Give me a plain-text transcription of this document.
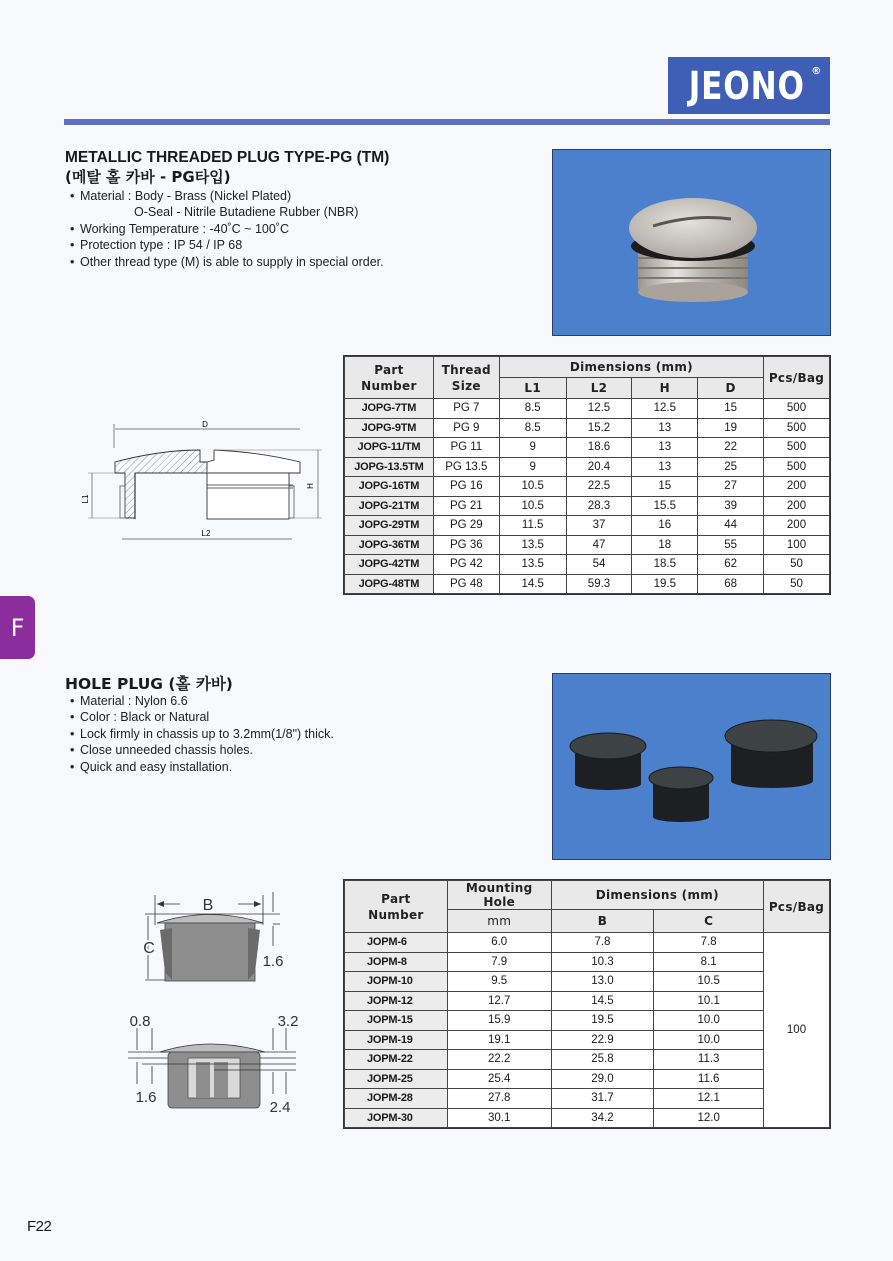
JEONO ®
METALLIC THREADED PLUG TYPE-PG (TM)
(메탈 홀 카바 - PG타입)
• Material : Body - Brass (Nickel Plated)
O-Seal - Nitrile Butadiene Rubber (NBR)
• Working Temperature : -40˚C ~ 100˚C
• Protection type : IP 54 / IP 68
• Other thread type (M) is able to supply in special order.
D
L1
H
L2
Part
Number	Thread
Size	Dimensions (mm)				Pcs/Bag
		L1	L2	H	D	
JOPG-7TM	PG 7	8.5	12.5	12.5	15	500
JOPG-9TM	PG 9	8.5	15.2	13	19	500
JOPG-11/TM	PG 11	9	18.6	13	22	500
JOPG-13.5TM	PG 13.5	9	20.4	13	25	500
JOPG-16TM	PG 16	10.5	22.5	15	27	200
JOPG-21TM	PG 21	10.5	28.3	15.5	39	200
JOPG-29TM	PG 29	11.5	37	16	44	200
JOPG-36TM	PG 36	13.5	47	18	55	100
JOPG-42TM	PG 42	13.5	54	18.5	62	50
JOPG-48TM	PG 48	14.5	59.3	19.5	68	50
F
HOLE PLUG (홀 카바)
• Material : Nylon 6.6
• Color : Black or Natural
• Lock firmly in chassis up to 3.2mm(1/8") thick.
• Close unneeded chassis holes.
• Quick and easy installation.
B
C
1.6
0.8	3.2
1.6
2.4
Part
Number	Mounting Hole	Dimensions (mm)		Pcs/Bag
	mm	B	C	
JOPM-6	6.0	7.8	7.8	100
JOPM-8	7.9	10.3	8.1	
JOPM-10	9.5	13.0	10.5	
JOPM-12	12.7	14.5	10.1	
JOPM-15	15.9	19.5	10.0	
JOPM-19	19.1	22.9	10.0	
JOPM-22	22.2	25.8	11.3	
JOPM-25	25.4	29.0	11.6	
JOPM-28	27.8	31.7	12.1	
JOPM-30	30.1	34.2	12.0	
F22
